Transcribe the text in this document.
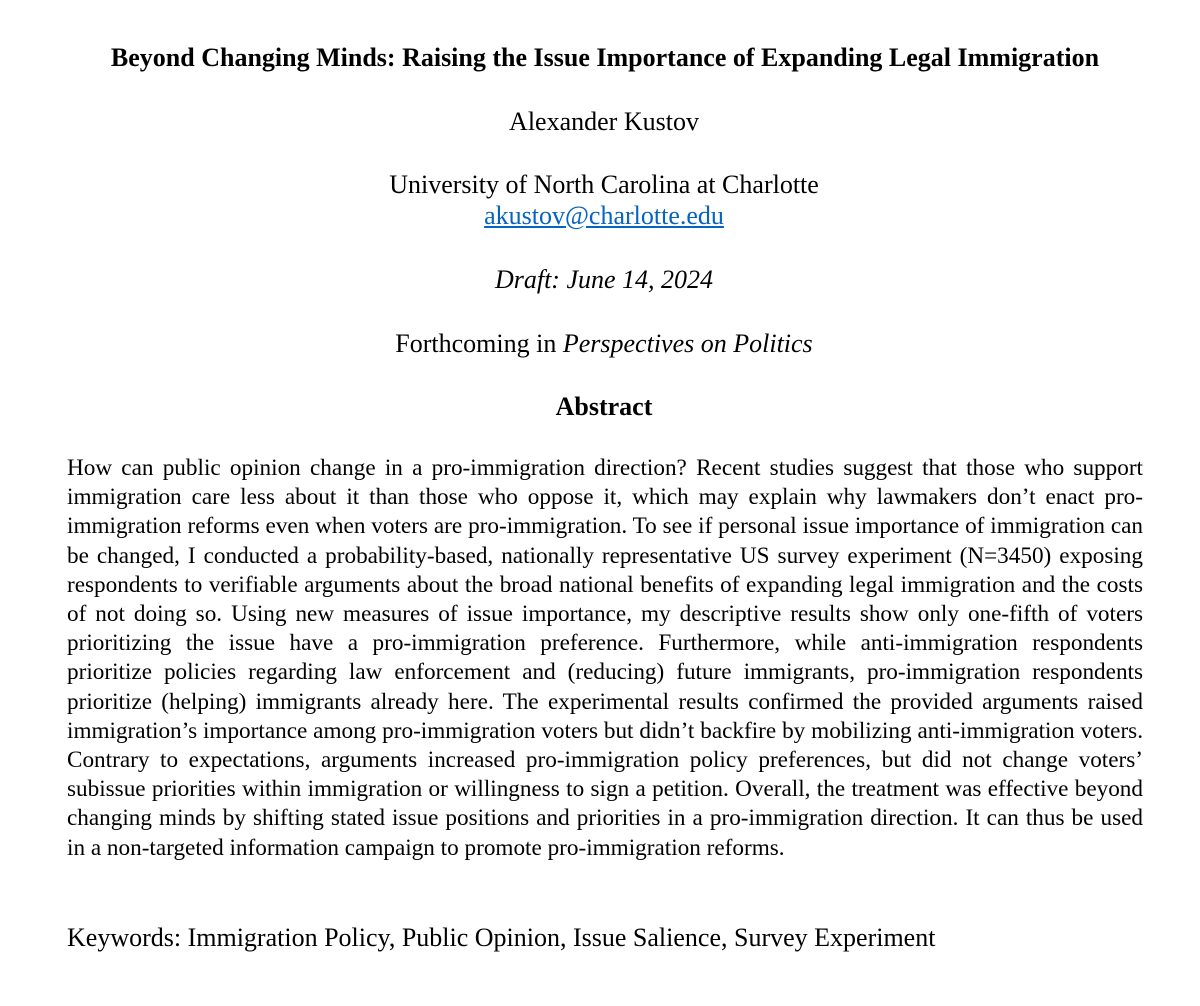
Beyond Changing Minds: Raising the Issue Importance of Expanding Legal Immigration
Alexander Kustov
University of North Carolina at Charlotte
akustov@charlotte.edu
Draft: June 14, 2024
Forthcoming in Perspectives on Politics
Abstract

How can public opinion change in a pro-immigration direction? Recent studies suggest that those who support immigration care less about it than those who oppose it, which may explain why lawmakers don’t enact pro-immigration reforms even when voters are pro-immigration. To see if personal issue importance of immigration can be changed, I conducted a probability-based, nationally representative US survey experiment (N=3450) exposing respondents to verifiable arguments about the broad national benefits of expanding legal immigration and the costs of not doing so. Using new measures of issue importance, my descriptive results show only one-fifth of voters prioritizing the issue have a pro-immigration preference. Furthermore, while anti-immigration respondents prioritize policies regarding law enforcement and (reducing) future immigrants, pro-immigration respondents prioritize (helping) immigrants already here. The experimental results confirmed the provided arguments raised immigration’s importance among pro-immigration voters but didn’t backfire by mobilizing anti-immigration voters. Contrary to expectations, arguments increased pro-immigration policy preferences, but did not change voters’ subissue priorities within immigration or willingness to sign a petition. Overall, the treatment was effective beyond changing minds by shifting stated issue positions and priorities in a pro-immigration direction. It can thus be used in a non-targeted information campaign to promote pro-immigration reforms.

Keywords: Immigration Policy, Public Opinion, Issue Salience, Survey Experiment
